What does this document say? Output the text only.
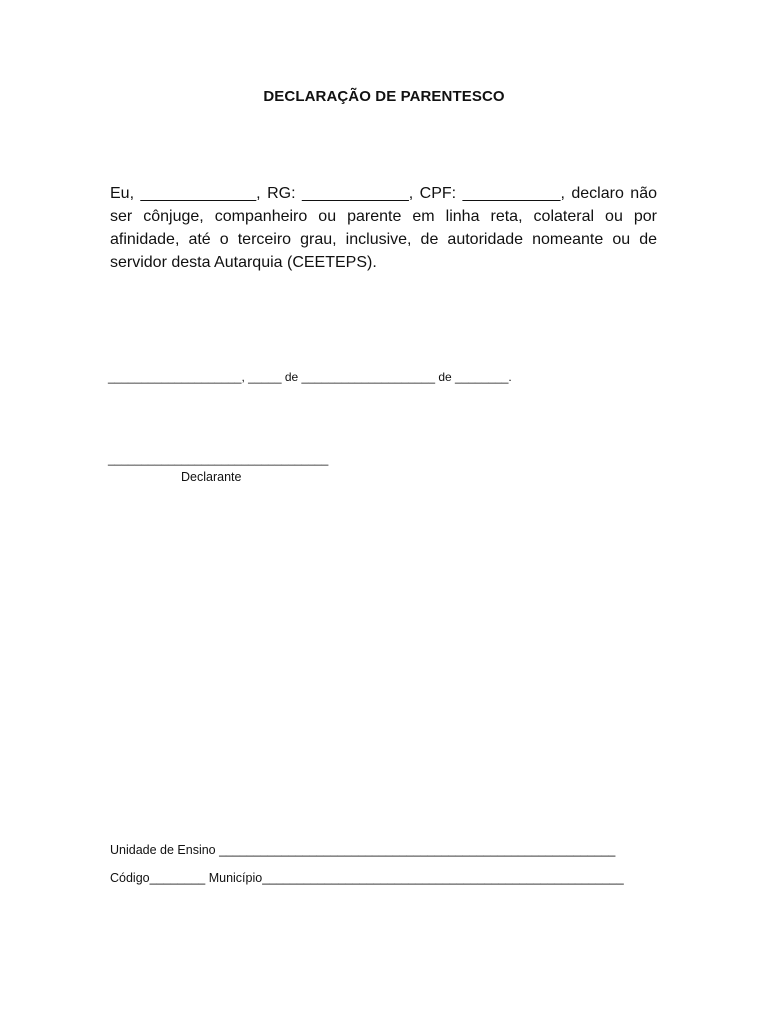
DECLARAÇÃO DE PARENTESCO
Eu, _____________, RG: ____________, CPF: ___________, declaro não ser cônjuge, companheiro ou parente em linha reta, colateral ou por afinidade, até o terceiro grau, inclusive, de autoridade nomeante ou de servidor desta Autarquia (CEETEPS).
____________________, _____ de ____________________ de ________.
_________________________________
Declarante
Unidade de Ensino _________________________________________________________
Código________ Município____________________________________________________
